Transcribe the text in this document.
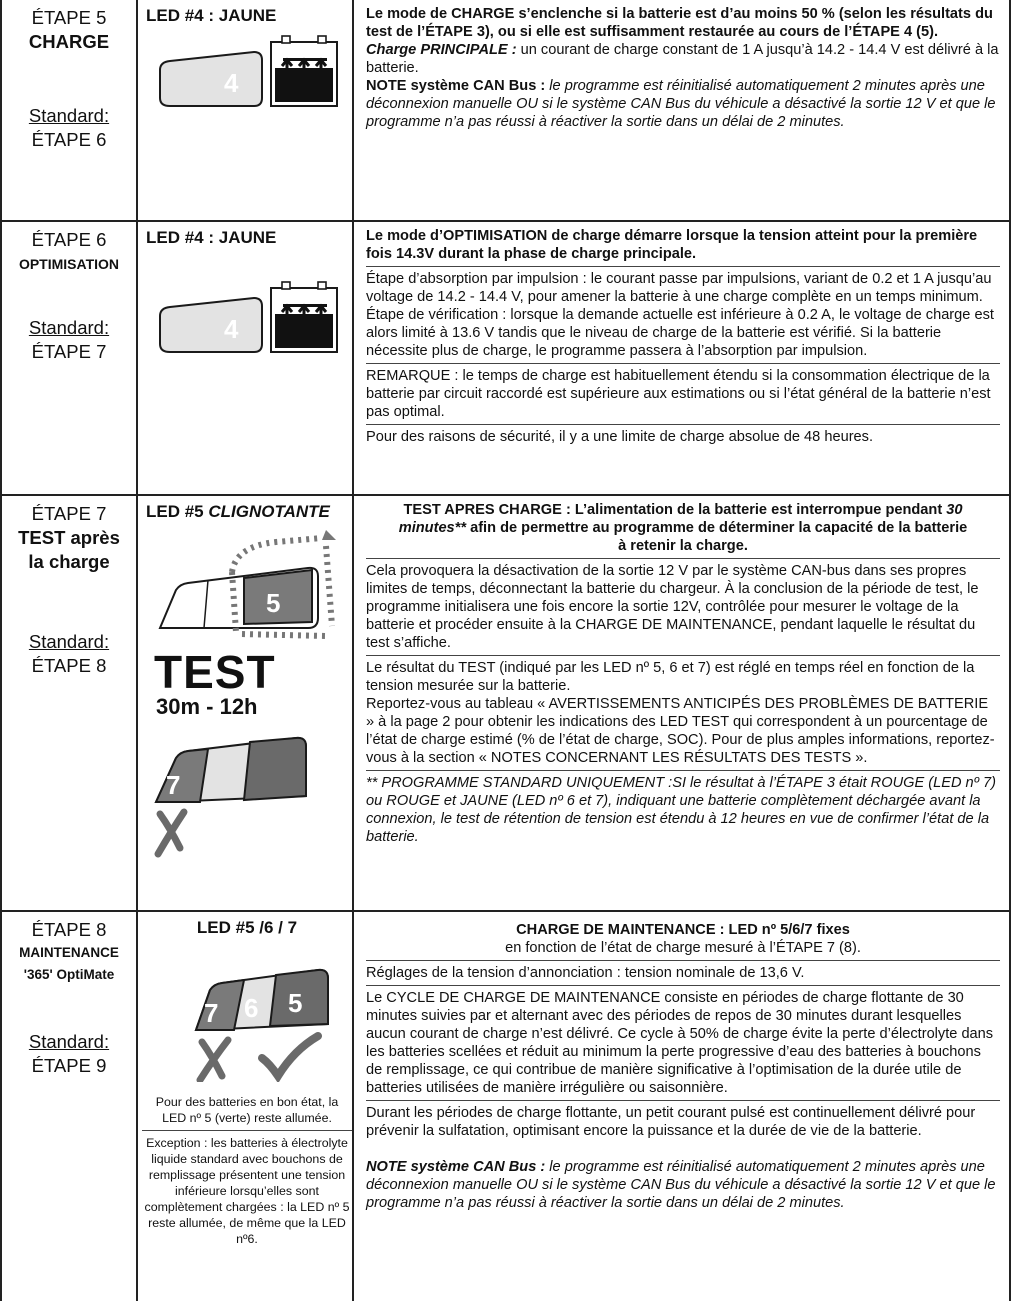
ÉTAPE 5
CHARGE
Standard:
ÉTAPE 6
LED #4 : JAUNE
4

Le mode de CHARGE s’enclenche si la batterie est d’au moins 50 % (selon les résultats du test de l’ÉTAPE 3), ou si elle est suffisamment restaurée au cours de l’ÉTAPE 4 (5).

Charge PRINCIPALE : un courant de charge constant de 1 A jusqu’à 14.2 - 14.4 V est délivré à la batterie.

NOTE système CAN Bus : le programme est réinitialisé automatiquement 2 minutes après une déconnexion manuelle OU si le système CAN Bus du véhicule a désactivé la sortie 12 V et que le programme n’a pas réussi à réactiver la sortie dans un délai de 2 minutes.

ÉTAPE 6
OPTIMISATION
Standard:
ÉTAPE 7
LED #4 : JAUNE
4

Le mode d’OPTIMISATION de charge démarre lorsque la tension atteint pour la première fois 14.3V durant la phase de charge principale.

Étape d’absorption par impulsion : le courant passe par impulsions, variant de 0.2 et 1 A jusqu’au voltage de 14.2 - 14.4 V, pour amener la batterie à une charge complète en un temps minimum. Étape de vérification : lorsque la demande actuelle est inférieure à 0.2 A, le voltage de charge est alors limité à 13.6 V tandis que le niveau de charge de la batterie est vérifié. Si la batterie nécessite plus de charge, le programme passera à l’absorption par impulsion.

REMARQUE : le temps de charge est habituellement étendu si la consommation électrique de la batterie par circuit raccordé est supérieure aux estimations ou si l’état général de la batterie n’est pas optimal.

Pour des raisons de sécurité, il y a une limite de charge absolue de 48 heures.

ÉTAPE 7
TEST après la charge
Standard:
ÉTAPE 8
LED #5 CLIGNOTANTE
5
TEST
30m - 12h
7

TEST APRES CHARGE : L’alimentation de la batterie est interrompue pendant 30 minutes** afin de permettre au programme de déterminer la capacité de la batterie à retenir la charge.

Cela provoquera la désactivation de la sortie 12 V par le système CAN-bus dans ses propres limites de temps, déconnectant la batterie du chargeur. À la conclusion de la période de test, le programme initialisera une fois encore la sortie 12V, contrôlée pour mesurer le voltage de la batterie et procéder ensuite à la CHARGE DE MAINTENANCE, pendant laquelle le résultat du test s’affiche.

Le résultat du TEST (indiqué par les LED nº 5, 6 et 7) est réglé en temps réel en fonction de la tension mesurée sur la batterie.

Reportez-vous au tableau « AVERTISSEMENTS ANTICIPÉS DES PROBLÈMES DE BATTERIE » à la page 2 pour obtenir les indications des LED TEST qui correspondent à un pourcentage de l’état de charge estimé (% de l’état de charge, SOC). Pour de plus amples informations, reportez-vous à la section « NOTES CONCERNANT LES RÉSULTATS DES TESTS ».

** PROGRAMME STANDARD UNIQUEMENT :SI le résultat à l’ÉTAPE 3 était ROUGE (LED nº 7) ou ROUGE et JAUNE (LED nº 6 et 7), indiquant une batterie complètement déchargée avant la connexion, le test de rétention de tension est étendu à 12 heures en vue de confirmer l’état de la batterie.

ÉTAPE 8
MAINTENANCE '365' OptiMate
Standard:
ÉTAPE 9
LED #5 /6 / 7
7 6 5
Pour des batteries en bon état, la LED nº 5 (verte) reste allumée.
Exception : les batteries à électrolyte liquide standard avec bouchons de remplissage présentent une tension inférieure lorsqu’elles sont complètement chargées : la LED nº 5 reste allumée, de même que la LED nº6.

CHARGE DE MAINTENANCE : LED nº 5/6/7 fixes

en fonction de l’état de charge mesuré à l’ÉTAPE 7 (8).

Réglages de la tension d’annonciation : tension nominale de 13,6 V.

Le CYCLE DE CHARGE DE MAINTENANCE consiste en périodes de charge flottante de 30 minutes suivies par et alternant avec des périodes de repos de 30 minutes durant lesquelles aucun courant de charge n’est délivré. Ce cycle à 50% de charge évite la perte d’électrolyte dans les batteries scellées et réduit au minimum la perte progressive d’eau des batteries à bouchons de remplissage, ce qui contribue de manière significative à l’optimisation de la durée utile de batteries utilisées de manière irrégulière ou saisonnière.

Durant les périodes de charge flottante, un petit courant pulsé est continuellement délivré pour prévenir la sulfatation, optimisant encore la puissance et la durée de vie de la batterie.

NOTE système CAN Bus : le programme est réinitialisé automatiquement 2 minutes après une déconnexion manuelle OU si le système CAN Bus du véhicule a désactivé la sortie 12 V et que le programme n’a pas réussi à réactiver la sortie dans un délai de 2 minutes.
